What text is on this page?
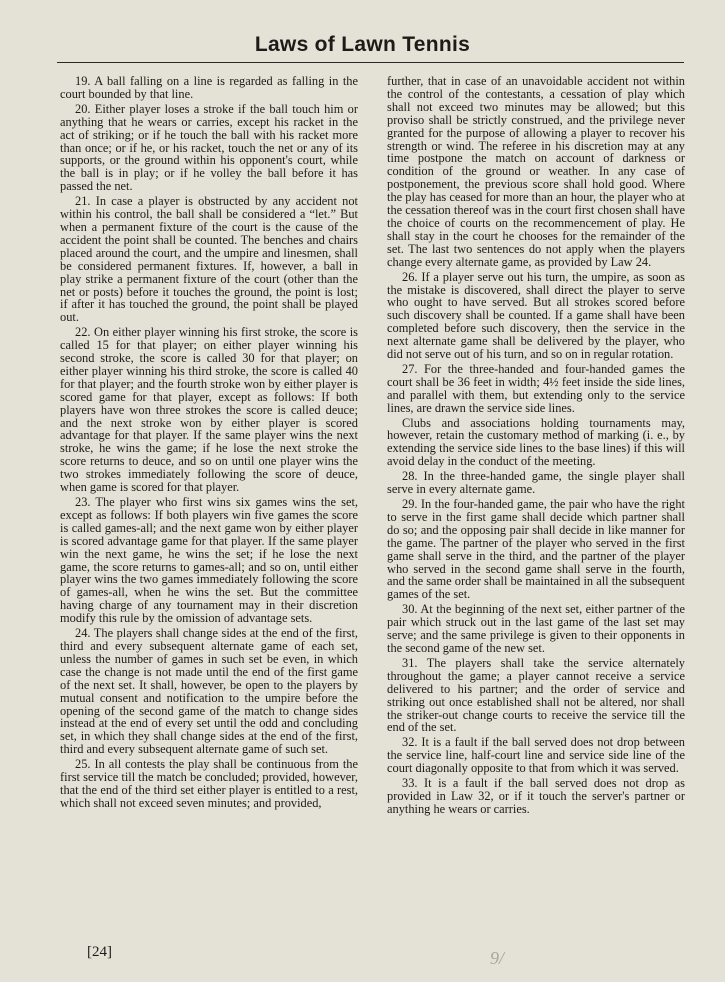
Laws of Lawn Tennis

19. A ball falling on a line is regarded as falling in the court bounded by that line.

20. Either player loses a stroke if the ball touch him or anything that he wears or carries, except his racket in the act of striking; or if he touch the ball with his racket more than once; or if he, or his racket, touch the net or any of its supports, or the ground within his opponent's court, while the ball is in play; or if he volley the ball before it has passed the net.

21. In case a player is obstructed by any accident not within his control, the ball shall be considered a “let.” But when a permanent fixture of the court is the cause of the accident the point shall be counted. The benches and chairs placed around the court, and the umpire and linesmen, shall be considered permanent fixtures. If, however, a ball in play strike a permanent fixture of the court (other than the net or posts) before it touches the ground, the point is lost; if after it has touched the ground, the point shall be played out.

22. On either player winning his first stroke, the score is called 15 for that player; on either player winning his second stroke, the score is called 30 for that player; on either player winning his third stroke, the score is called 40 for that player; and the fourth stroke won by either player is scored game for that player, except as follows: If both players have won three strokes the score is called deuce; and the next stroke won by either player is scored advantage for that player. If the same player wins the next stroke, he wins the game; if he lose the next stroke the score returns to deuce, and so on until one player wins the two strokes immediately following the score of deuce, when game is scored for that player.

23. The player who first wins six games wins the set, except as follows: If both players win five games the score is called games-all; and the next game won by either player is scored advantage game for that player. If the same player win the next game, he wins the set; if he lose the next game, the score returns to games-all; and so on, until either player wins the two games immediately following the score of games-all, when he wins the set. But the committee having charge of any tournament may in their discretion modify this rule by the omission of advantage sets.

24. The players shall change sides at the end of the first, third and every subsequent alternate game of each set, unless the number of games in such set be even, in which case the change is not made until the end of the first game of the next set. It shall, however, be open to the players by mutual consent and notification to the umpire before the opening of the second game of the match to change sides instead at the end of every set until the odd and concluding set, in which they shall change sides at the end of the first, third and every subsequent alternate game of such set.

25. In all contests the play shall be continuous from the first service till the match be concluded; provided, however, that the end of the third set either player is entitled to a rest, which shall not exceed seven minutes; and provided,

further, that in case of an unavoidable accident not within the control of the contestants, a cessation of play which shall not exceed two minutes may be allowed; but this proviso shall be strictly construed, and the privilege never granted for the purpose of allowing a player to recover his strength or wind. The referee in his discretion may at any time postpone the match on account of darkness or condition of the ground or weather. In any case of postponement, the previous score shall hold good. Where the play has ceased for more than an hour, the player who at the cessation thereof was in the court first chosen shall have the choice of courts on the recommencement of play. He shall stay in the court he chooses for the remainder of the set. The last two sentences do not apply when the players change every alternate game, as provided by Law 24.

26. If a player serve out his turn, the umpire, as soon as the mistake is discovered, shall direct the player to serve who ought to have served. But all strokes scored before such discovery shall be counted. If a game shall have been completed before such discovery, then the service in the next alternate game shall be delivered by the player, who did not serve out of his turn, and so on in regular rotation.

27. For the three-handed and four-handed games the court shall be 36 feet in width; 4½ feet inside the side lines, and parallel with them, but extending only to the service lines, are drawn the service side lines.

Clubs and associations holding tournaments may, however, retain the customary method of marking (i. e., by extending the service side lines to the base lines) if this will avoid delay in the conduct of the meeting.

28. In the three-handed game, the single player shall serve in every alternate game.

29. In the four-handed game, the pair who have the right to serve in the first game shall decide which partner shall do so; and the opposing pair shall decide in like manner for the game. The partner of the player who served in the first game shall serve in the third, and the partner of the player who served in the second game shall serve in the fourth, and the same order shall be maintained in all the subsequent games of the set.

30. At the beginning of the next set, either partner of the pair which struck out in the last game of the last set may serve; and the same privilege is given to their opponents in the second game of the new set.

31. The players shall take the service alternately throughout the game; a player cannot receive a service delivered to his partner; and the order of service and striking out once established shall not be altered, nor shall the striker-out change courts to receive the service till the end of the set.

32. It is a fault if the ball served does not drop between the service line, half-court line and service side line of the court diagonally opposite to that from which it was served.

33. It is a fault if the ball served does not drop as provided in Law 32, or if it touch the server's partner or anything he wears or carries.

[24]	9/
